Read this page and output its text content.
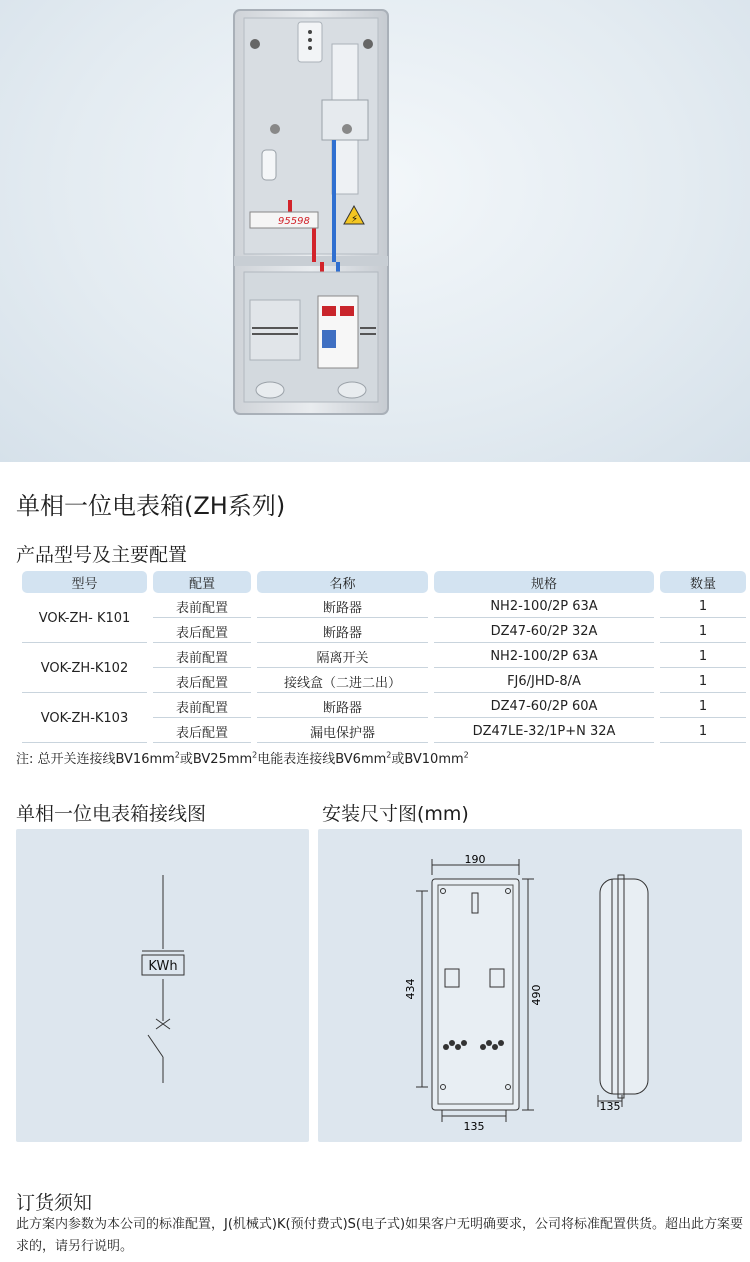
95598	⚡
单相一位电表箱(ZH系列)
产品型号及主要配置
型号	配置	名称	规格	数量
VOK-ZH- K101	表前配置	断路器	NH2-100/2P 63A	1
	表后配置	断路器	DZ47-60/2P 32A	1
VOK-ZH-K102	表前配置	隔离开关	NH2-100/2P 63A	1
	表后配置	接线盒（二进二出）	FJ6/JHD-8/A	1
VOK-ZH-K103	表前配置	断路器	DZ47-60/2P 60A	1
	表后配置	漏电保护器	DZ47LE-32/1P+N 32A	1
注: 总开关连接线$BV16mm^2$或$BV25mm^2$电能表连接线$BV6mm^2$或$BV10mm^2$
单相一位电表箱接线图	安装尺寸图(mm)
KWh
190
434	490
135
135
订货须知
此方案内参数为本公司的标准配置，J(机械式)K(预付费式)S(电子式)如果客户无明确要求，公司将标准配置供货。超出此方案要求的，请另行说明。
